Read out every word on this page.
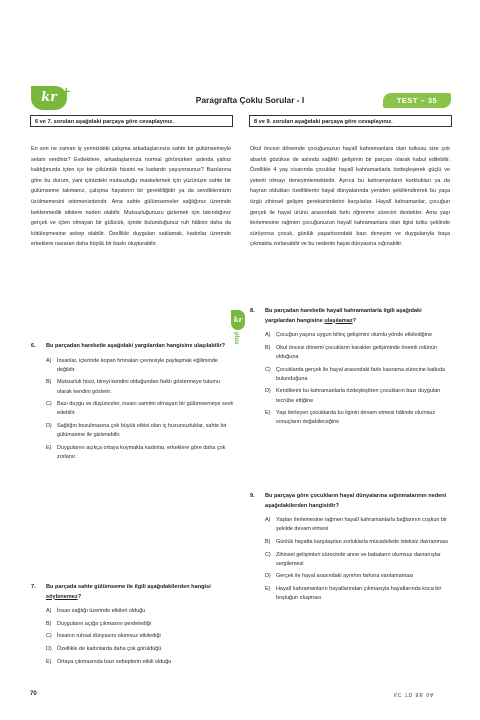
kr +
Paragrafta Çoklu Sorular - I	TEST – 35
6 ve 7. soruları aşağıdaki parçaya göre cevaplayınız.	8 ve 9. soruları aşağıdaki parçaya göre cevaplayınız.
En son ne zaman iş yerinizdeki çalışma arkadaşlarınıza sahte bir gülümsemeyle selam verdiniz? Evdekilere, arkadaşlarınıza normal görünürken aslında yalnız kaldığınızda içten içe bir çöküntük hissini ne kadardır yaşıyorsunuz? Bazılarına göre bu durum, yani içinizdeki mutsuzluğu maskelemek için yüzünüze sahte bir gülümseme takmanız, çalışma hayatının bir gerekliliğidir ya da sevdiklerinizin üzülmemesini istemenizdendir. Ama sahte gülümsemeler sağlığınız üzerinde beklenmedik etkilere neden olabilir. Mutsuzluğunuzu gizlemek için takındığınız gerçek ve içten olmayan bir gülücük, içinde bulunduğunuz ruh hâlinin daha da kötüleşmesine sebep olabilir. Özellikle duyguları saklamak, kadınlar üzerinde erkeklere nazaran daha büyük bir baskı oluşturabilir.
Okul öncesi dönemde çocuğunuzun hayalî kahramanlara olan tutkusu size çok abartılı gözükse de aslında sağlıklı gelişimin bir parçası olarak kabul edilebilir. Özellikle 4 yaş civarında çocuklar hayalî kahramanlarla özdeşleşerek güçlü ve yetenli olmayı deneyimlemektedir. Ayrıca bu kahramanların korktukları ya da hayran oldukları özelliklerini hayal dünyalarında yeniden şekillendirerek bu yaşa özgü zihinsel gelişim gereksinimlerini karşılarlar. Hayalî kahramanlar, çocuğun gerçek ile hayal ürünü arasındaki farkı öğrenme sürecini destekler. Ama yaşı ilerlemesine rağmen çocuğunuzun hayalî kahramanlara olan ilgisi tutku şeklinde sürüyorsa çocuk, günlük yaşantısındaki bazı deneyim ve duygularıyla başa çıkmakta zorlanabilir ve bu nedenle hayal dünyasına sığınabilir.
kr
plus
6.	Bu parçadan hareketle aşağıdaki yargılardan hangisine ulaşılabilir?
A)	İnsanlar, içlerinde kopan fırtınaları çevresiyle paylaşmak eğiliminde değildir.
B)	Mutsuzluk hissi, bireyi kendini olduğundan farklı göstermeye tutumu olarak kendini gösterir.
C) Bazı duygu ve düşünceler, insanı samimi olmayan bir gülümsemeye sevk edebilir.
D) Sağlığın bozulmasına çok büyük etkisi olan iç huzursuzluklar, sahte bir gülümseme ile gizlenebilir.
E)	Duygularını açıkça ortaya koymakta kadınlar, erkeklere göre daha çok zorlanır.
7.	Bu parçada sahte gülümseme ile ilgili aşağıdakilerden hangisi söylenemez?
A)	İnsan sağlığı üzerinde etkileri olduğu
B)	Duyguların açığa çıkmasını perdelediği
C) İnsanın ruhsal dünyasını olumsuz etkilediği
D) Özellikle de kadınlarda daha çok görüldüğü
E)	Ortaya çıkmasında bazı sebeplerin etkili olduğu
8.	Bu parçadan hareketle hayalî kahramanlarla ilgili aşağıdaki yargılardan hangisine ulaşılamaz?
A)	Çocuğun yaşına uygun bilinç gelişimini olumlu yönde etkilediğine
B)	Okul öncesi dönemi çocukların karakter gelişiminde önemli rolünün olduğuna
C) Çocuklarda gerçek ile hayal arasındaki farkı kavrama sürecine katkıda bulunduğuna
D) Kendilerini bu kahramanlarla özdeşleştiren çocukların bazı duyguları tecrübe ettiğine
E)	Yaşı ilerleyen çocuklarda bu ilginin devam etmesi hâlinde olumsuz sonuçların doğabileceğine
9.	Bu parçaya göre çocukların hayal dünyalarına sığınmalarının nedeni aşağıdakilerden hangisidir?
A)	Yaşları ilerlemesine rağmen hayalî kahramanlarla bağlarının coşkun bir şekilde devam etmesi
B)	Günlük hayatta karşılaşılan zorluklarla mücadelede isteksiz davranması
C) Zihinsel gelişimleri sürecinde anne ve babaların olumsuz davranışlar sergilemesi
D) Gerçek ile hayal arasındaki ayrımın farkına varılamaması
E)	Hayalî kahramanların hayatlarından çıkmasıyla hayatlarında koca bir boşluğun oluşması
70	6C 7D 8B 9A
